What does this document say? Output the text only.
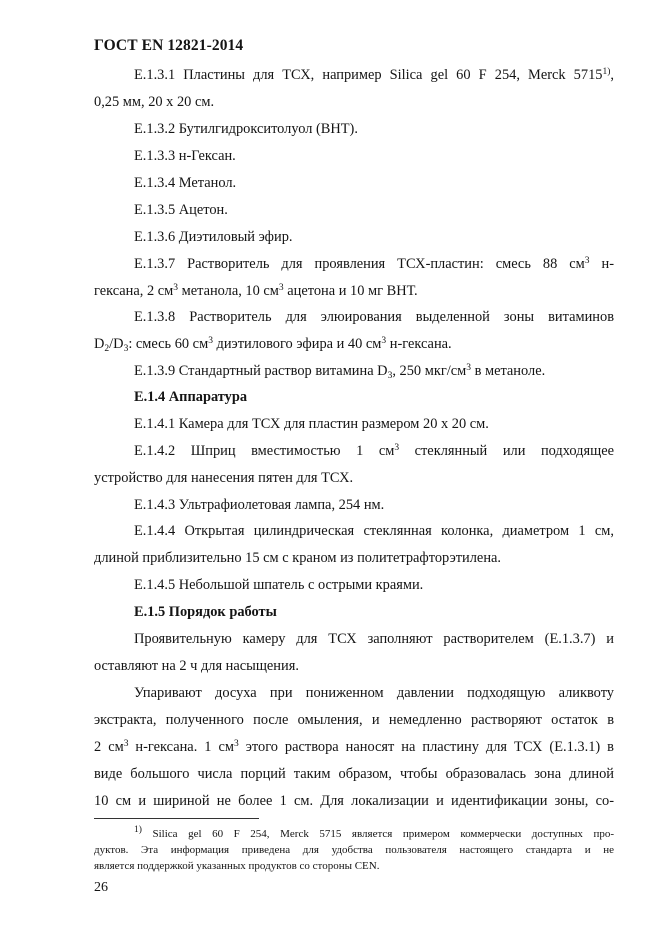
ГОСТ EN 12821-2014
Е.1.3.1 Пластины для ТСХ, например Silica gel 60 F 254, Merck 5715$^{1)}$,
0,25 мм, 20 х 20 см.
Е.1.3.2 Бутилгидрокситолуол (ВНТ).
Е.1.3.3 н-Гексан.
Е.1.3.4 Метанол.
Е.1.3.5 Ацетон.
Е.1.3.6 Диэтиловый эфир.
Е.1.3.7 Растворитель для проявления ТСХ-пластин: смесь 88 $см^3$ н-
гексана, 2 $см^3$ метанола, 10 $см^3$ ацетона и 10 мг ВНТ.
Е.1.3.8 Растворитель для элюирования выделенной зоны витаминов
$D_2/D_3$: смесь 60 $см^3$ диэтилового эфира и 40 $см^3$ н-гексана.
Е.1.3.9 Стандартный раствор витамина $D_3$, 250 мкг/$см^3$ в метаноле.
Е.1.4 Аппаратура
Е.1.4.1 Камера для ТСХ для пластин размером 20 х 20 см.
Е.1.4.2 Шприц вместимостью 1 $см^3$ стеклянный или подходящее
устройство для нанесения пятен для ТСХ.
Е.1.4.3 Ультрафиолетовая лампа, 254 нм.
Е.1.4.4 Открытая цилиндрическая стеклянная колонка, диаметром 1 см,
длиной приблизительно 15 см с краном из политетрафторэтилена.
Е.1.4.5 Небольшой шпатель с острыми краями.
Е.1.5 Порядок работы
Проявительную камеру для ТСХ заполняют растворителем (Е.1.3.7) и
оставляют на 2 ч для насыщения.
Упаривают досуха при пониженном давлении подходящую аликвоту
экстракта, полученного после омыления, и немедленно растворяют остаток в
2 $см^3$ н-гексана. 1 $см^3$ этого раствора наносят на пластину для ТСХ (Е.1.3.1) в
виде большого числа порций таким образом, чтобы образовалась зона длиной
10 см и шириной не более 1 см. Для локализации и идентификации зоны, со-
1) Silica gel 60 F 254, Merck 5715 является примером коммерчески доступных про-
дуктов. Эта информация приведена для удобства пользователя настоящего стандарта и не
является поддержкой указанных продуктов со стороны CEN.
26
